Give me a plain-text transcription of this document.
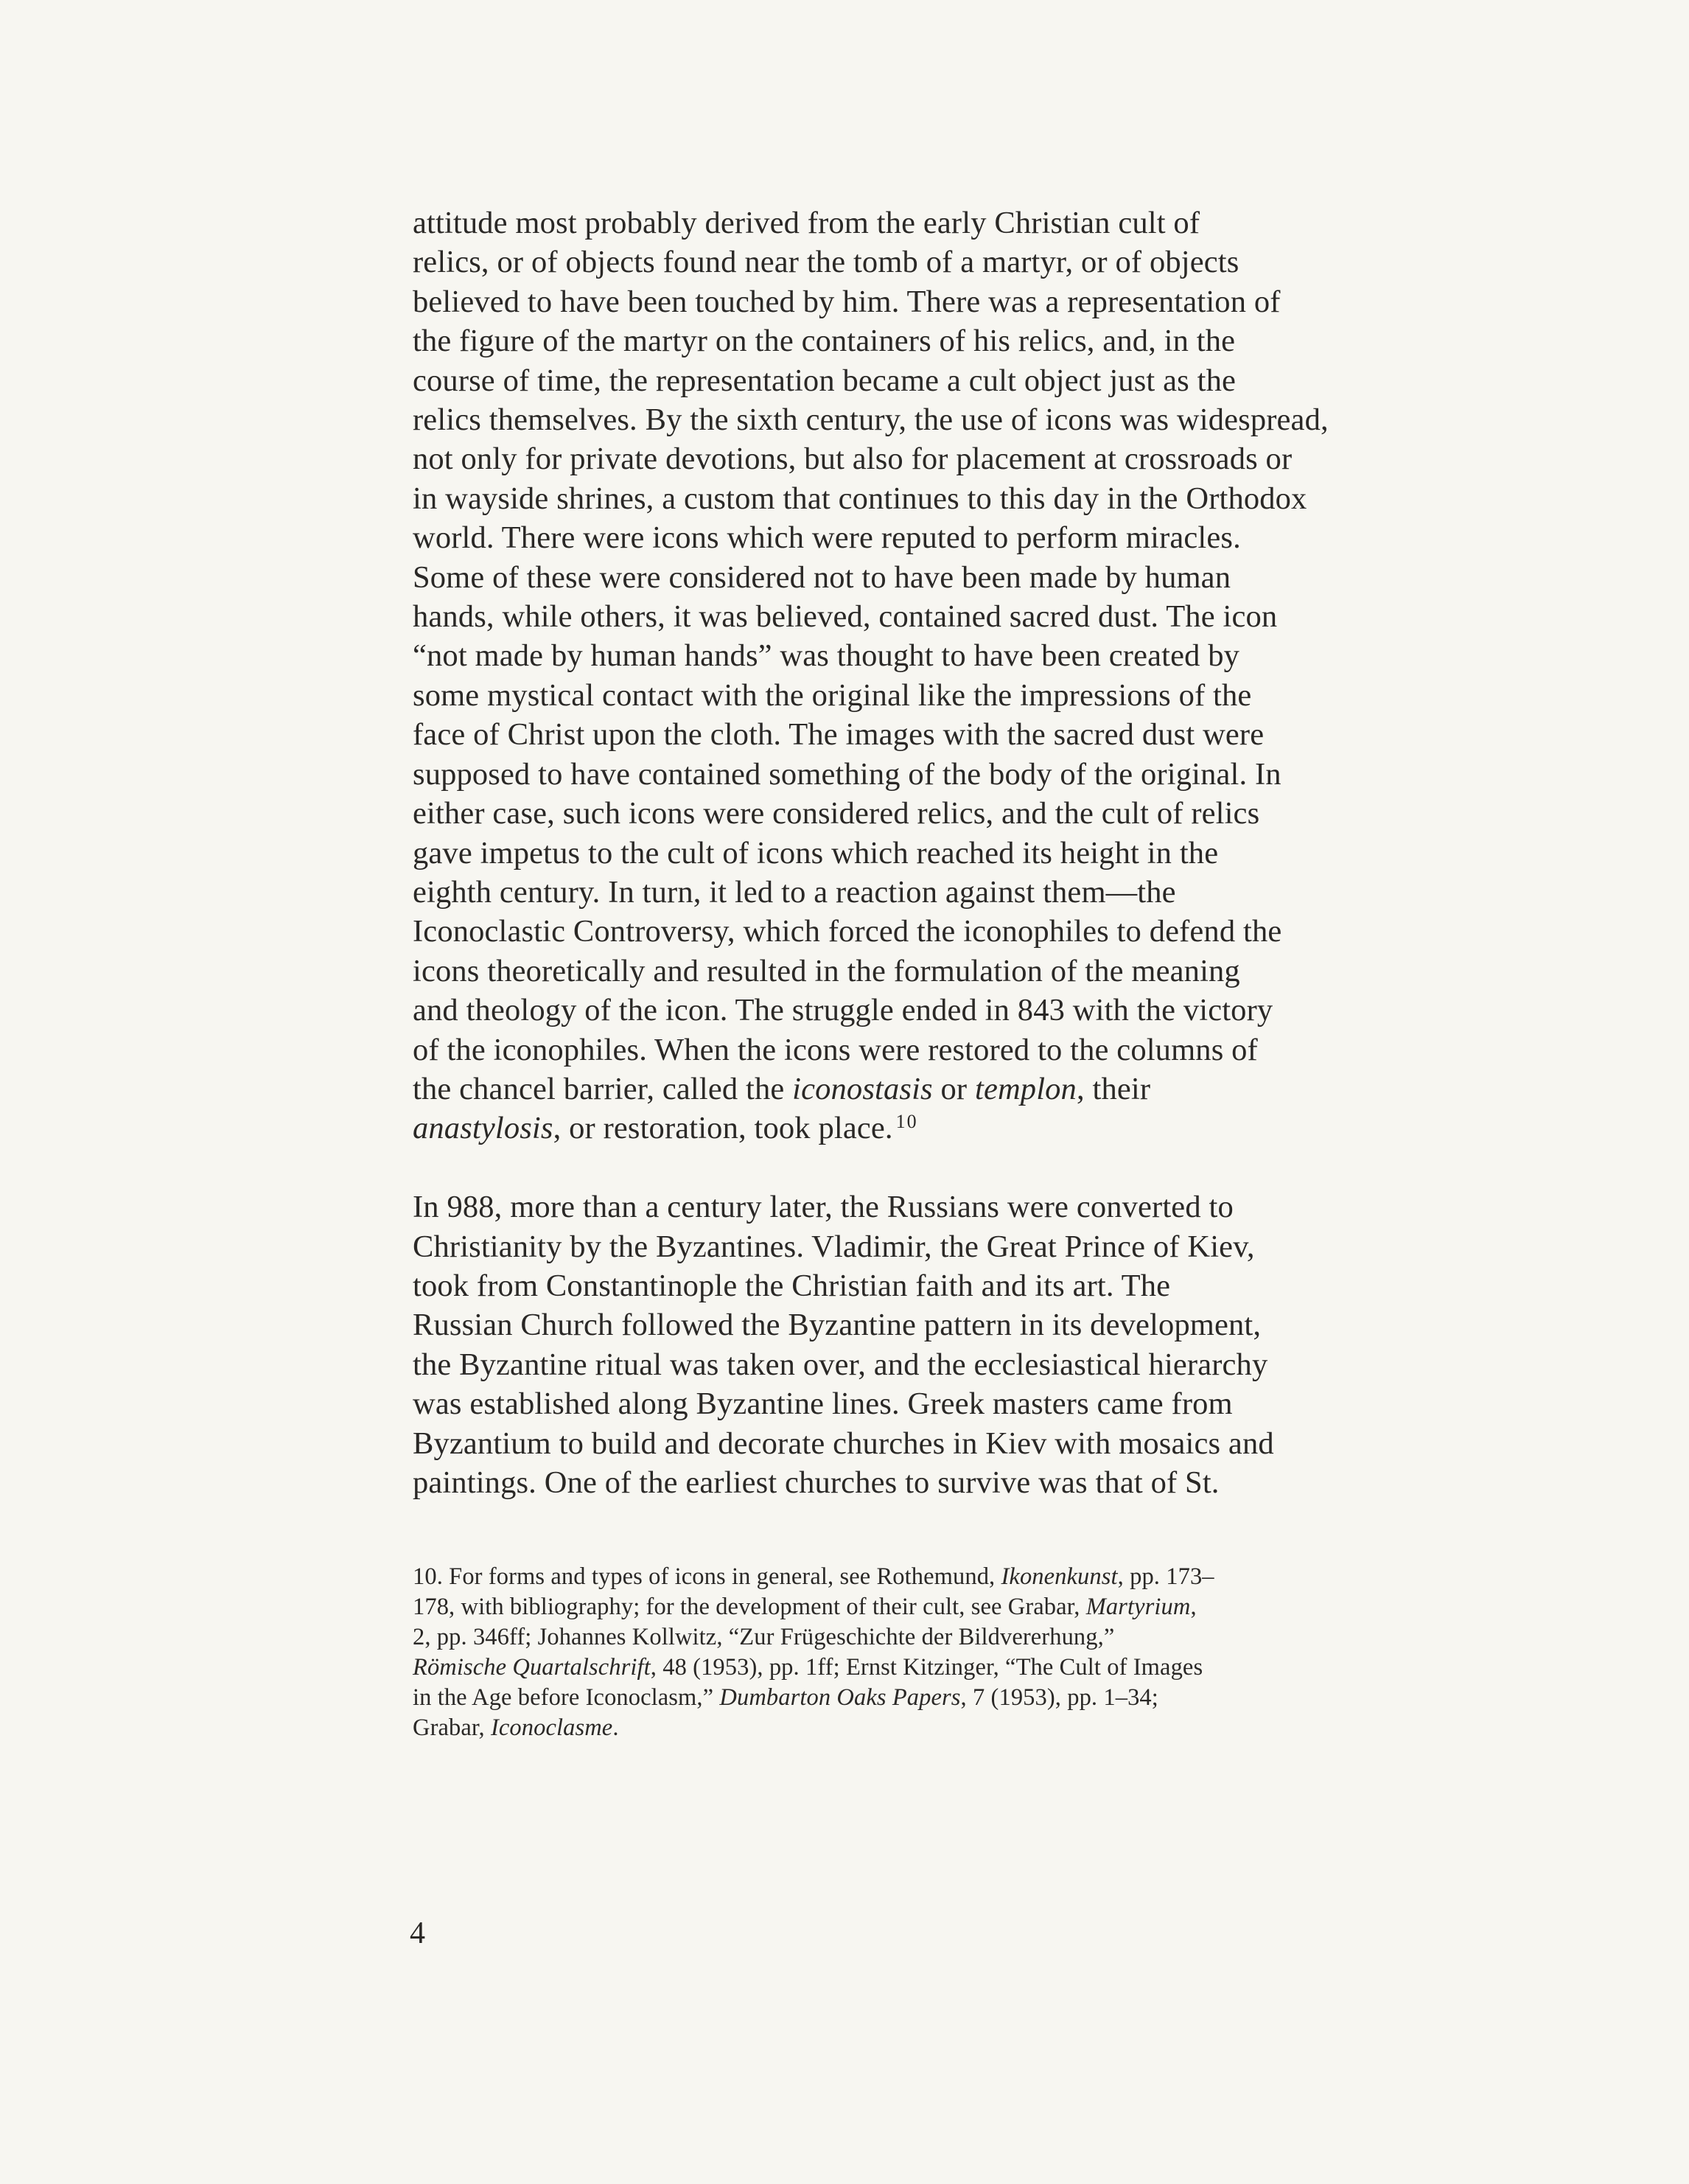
attitude most probably derived from the early Christian cult of
relics, or of objects found near the tomb of a martyr, or of objects
believed to have been touched by him. There was a representation of
the figure of the martyr on the containers of his relics, and, in the
course of time, the representation became a cult object just as the
relics themselves. By the sixth century, the use of icons was widespread,
not only for private devotions, but also for placement at crossroads or
in wayside shrines, a custom that continues to this day in the Orthodox
world. There were icons which were reputed to perform miracles.
Some of these were considered not to have been made by human
hands, while others, it was believed, contained sacred dust. The icon
“not made by human hands” was thought to have been created by
some mystical contact with the original like the impressions of the
face of Christ upon the cloth. The images with the sacred dust were
supposed to have contained something of the body of the original. In
either case, such icons were considered relics, and the cult of relics
gave impetus to the cult of icons which reached its height in the
eighth century. In turn, it led to a reaction against them—the
Iconoclastic Controversy, which forced the iconophiles to defend the
icons theoretically and resulted in the formulation of the meaning
and theology of the icon. The struggle ended in 843 with the victory
of the iconophiles. When the icons were restored to the columns of
the chancel barrier, called the iconostasis or templon, their
anastylosis, or restoration, took place. $^{10}$
In 988, more than a century later, the Russians were converted to
Christianity by the Byzantines. Vladimir, the Great Prince of Kiev,
took from Constantinople the Christian faith and its art. The
Russian Church followed the Byzantine pattern in its development,
the Byzantine ritual was taken over, and the ecclesiastical hierarchy
was established along Byzantine lines. Greek masters came from
Byzantium to build and decorate churches in Kiev with mosaics and
paintings. One of the earliest churches to survive was that of St.
10. For forms and types of icons in general, see Rothemund, Ikonenkunst, pp. 173–
178, with bibliography; for the development of their cult, see Grabar, Martyrium,
2, pp. 346ff; Johannes Kollwitz, “Zur Frügeschichte der Bildvererhung,”
Römische Quartalschrift, 48 (1953), pp. 1ff; Ernst Kitzinger, “The Cult of Images
in the Age before Iconoclasm,” Dumbarton Oaks Papers, 7 (1953), pp. 1–34;
Grabar, Iconoclasme.
4
